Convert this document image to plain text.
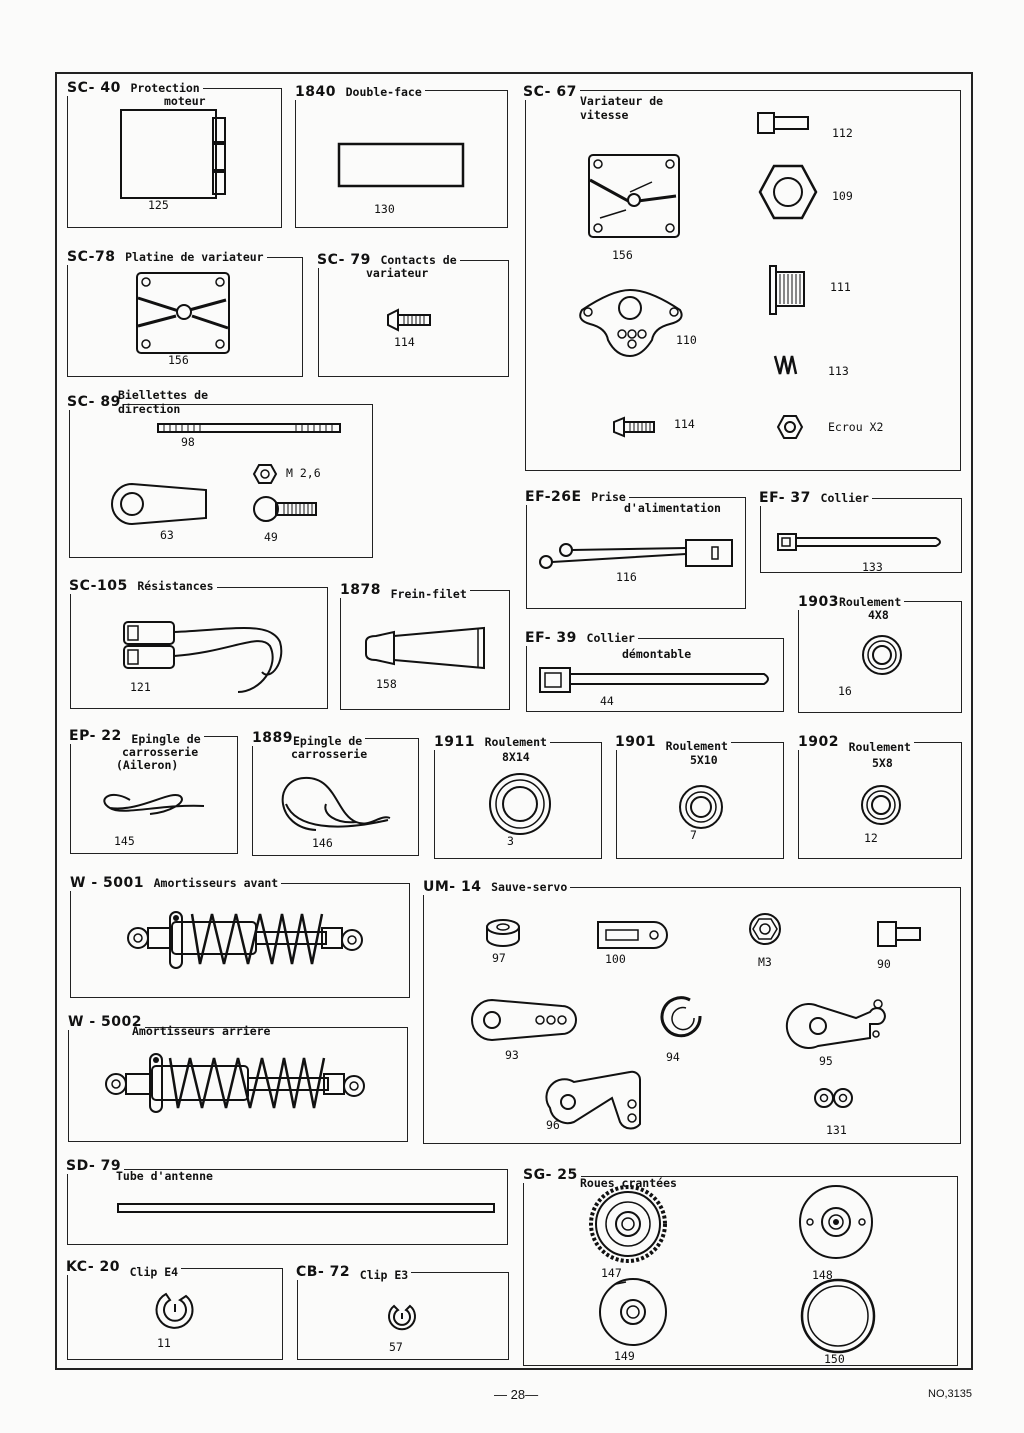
SC- 40 Protection
moteur
125
1840 Double-face
130
SC- 67
Variateur de
vitesse
112
109
156
111
110
113
114	Ecrou X2
SC-78 Platine de variateur
156
SC- 79 Contacts de
variateur
114
SC- 89
Biellettes de
direction
98
M 2,6
63	49
EF-26E Prise
d'alimentation
116
EF- 37 Collier
133
SC-105 Résistances
121
1878 $_{Frein-filet}$
158
1903Roulement
4X8
16
EF- 39 Collier
démontable
44
EP- 22 Epingle de
carrosserie
(Aileron)
145
1889Epingle de
carrosserie
146
1911 Roulement
8X14
3
1901 $_{Roulement}$
5X10
7
1902 $_{Roulement}$
5X8
12
W - 5001 Amortisseurs avant
W - 5002
Amortisseurs arriere
UM- 14 Sauve-servo
97	100	M3	90
93	94	95
96	131
SD- 79
Tube d'antenne	SG- 25 Roues crantées
147	148
149	150
KC- 20 $_{Clip E4}$
11
CB- 72 Clip E3
57
— 28—	NO,3135
